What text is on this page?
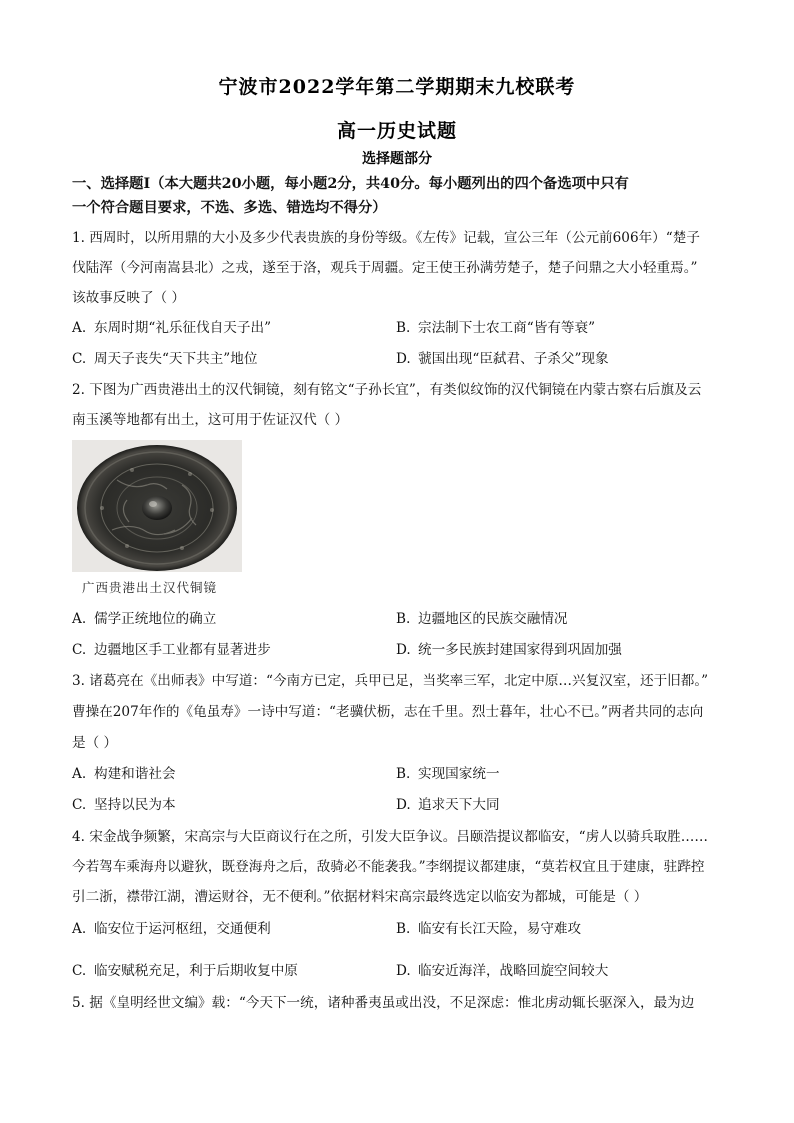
宁波市2022学年第二学期期末九校联考
高一历史试题
选择题部分
一、选择题Ⅰ（本大题共20小题，每小题2分，共40分。每小题列出的四个备选项中只有
一个符合题目要求，不选、多选、错选均不得分）
1. 西周时，以所用鼎的大小及多少代表贵族的身份等级。《左传》记载，宣公三年（公元前606年）“楚子
伐陆浑（今河南嵩县北）之戎，遂至于洛，观兵于周疆。定王使王孙满劳楚子，楚子问鼎之大小轻重焉。”
该故事反映了（ ）
A. 东周时期“礼乐征伐自天子出”	B. 宗法制下士农工商“皆有等衰”
C. 周天子丧失“天下共主”地位	D. 虢国出现“臣弑君、子杀父”现象
2. 下图为广西贵港出土的汉代铜镜，刻有铭文“子孙长宜”，有类似纹饰的汉代铜镜在内蒙古察右后旗及云
南玉溪等地都有出土，这可用于佐证汉代（ ）
广西贵港出土汉代铜镜
A. 儒学正统地位的确立	B. 边疆地区的民族交融情况
C. 边疆地区手工业都有显著进步	D. 统一多民族封建国家得到巩固加强
3. 诸葛亮在《出师表》中写道：“今南方已定，兵甲已足，当奖率三军，北定中原…兴复汉室，还于旧都。”
曹操在207年作的《龟虽寿》一诗中写道：“老骥伏枥，志在千里。烈士暮年，壮心不已。”两者共同的志向
是（ ）
A. 构建和谐社会	B. 实现国家统一
C. 坚持以民为本	D. 追求天下大同
4. 宋金战争频繁，宋高宗与大臣商议行在之所，引发大臣争议。吕颐浩提议都临安，“虏人以骑兵取胜……
今若驾车乘海舟以避狄，既登海舟之后，敌骑必不能袭我。”李纲提议都建康，“莫若权宜且于建康，驻跸控
引二浙，襟带江湖，漕运财谷，无不便利。”依据材料宋高宗最终选定以临安为都城，可能是（ ）
A. 临安位于运河枢纽，交通便利	B. 临安有长江天险，易守难攻
C. 临安赋税充足，利于后期收复中原	D. 临安近海洋，战略回旋空间较大
5. 据《皇明经世文编》载：“今天下一统，诸种番夷虽或出没，不足深虑：惟北虏动辄长驱深入，最为边
